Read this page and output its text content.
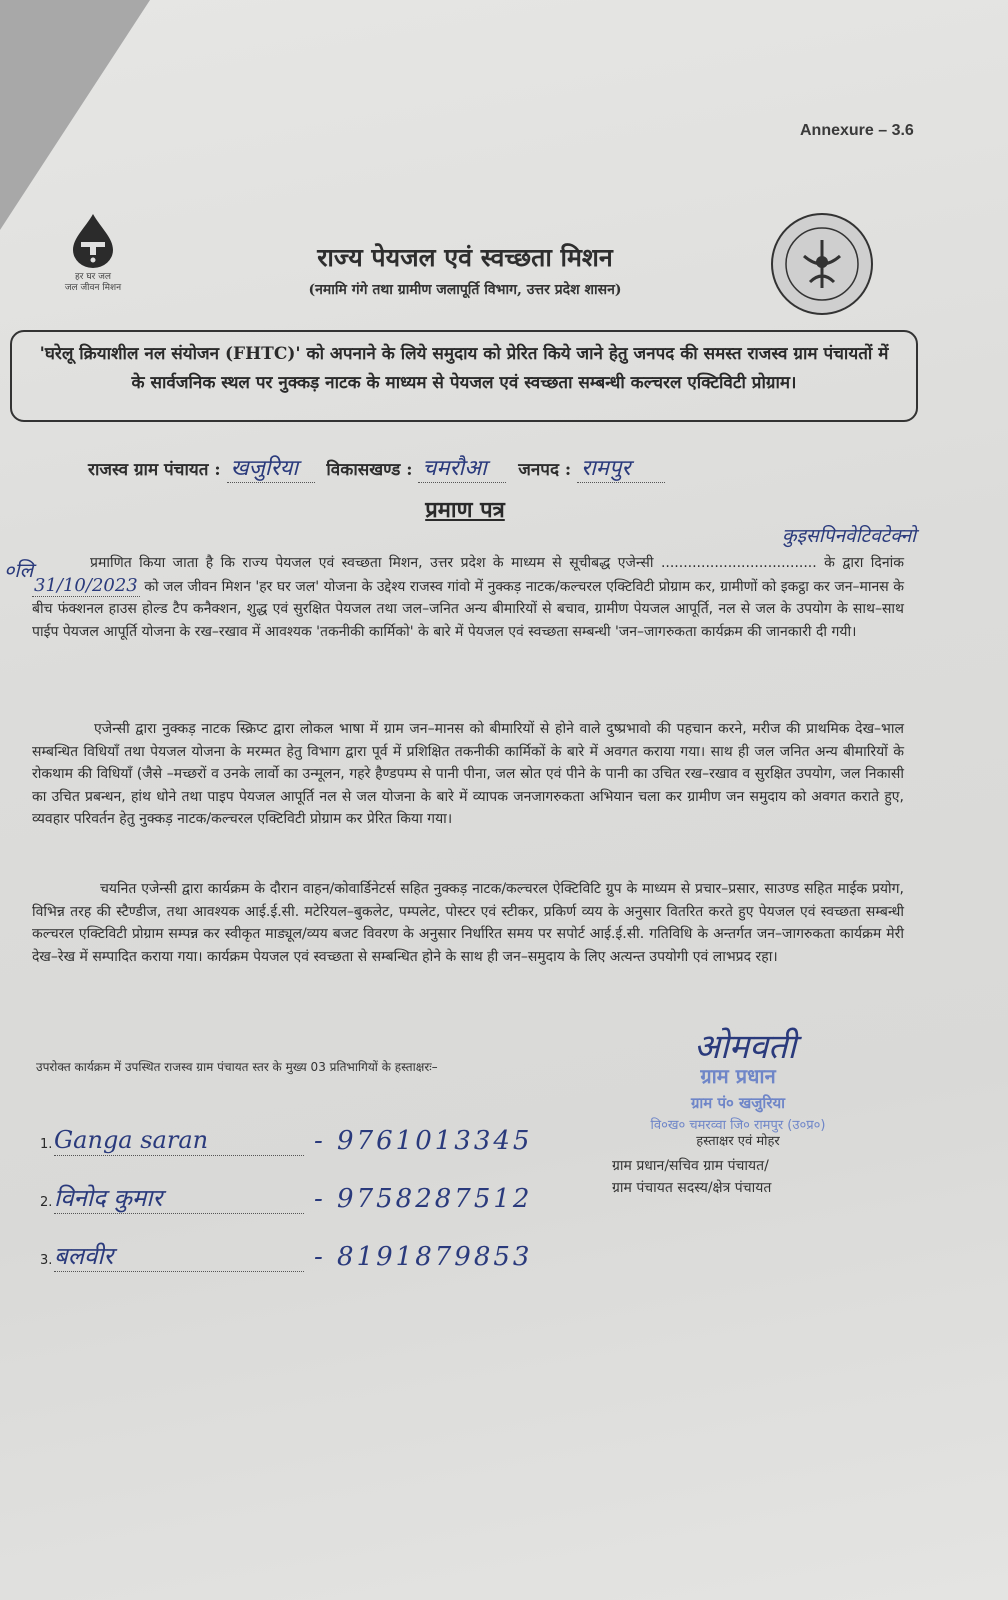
Annexure – 3.6
हर घर जल
जल जीवन मिशन
राज्य पेयजल एवं स्वच्छता मिशन
(नमामि गंगे तथा ग्रामीण जलापूर्ति विभाग, उत्तर प्रदेश शासन)
'घरेलू क्रियाशील नल संयोजन (FHTC)' को अपनाने के लिये समुदाय को प्रेरित किये जाने हेतु जनपद की समस्त राजस्व ग्राम पंचायतों में के सार्वजनिक स्थल पर नुक्कड़ नाटक के माध्यम से पेयजल एवं स्वच्छता सम्बन्धी कल्चरल एक्टिविटी प्रोग्राम।
राजस्व ग्राम पंचायत : खजुरिया विकासखण्ड : चमरौआ जनपद : रामपुर
प्रमाण पत्र
०लि
कुइसपिनवेटिवटेक्नो
प्रमाणित किया जाता है कि राज्य पेयजल एवं स्वच्छता मिशन, उत्तर प्रदेश के माध्यम से सूचीबद्ध एजेन्सी ................................... के द्वारा दिनांक 31/10/2023 को जल जीवन मिशन 'हर घर जल' योजना के उद्देश्य राजस्व गांवो में नुक्कड़ नाटक/कल्चरल एक्टिविटी प्रोग्राम कर, ग्रामीणों को इकट्ठा कर जन–मानस के बीच फंक्शनल हाउस होल्ड टैप कनैक्शन, शुद्ध एवं सुरक्षित पेयजल तथा जल–जनित अन्य बीमारियों से बचाव, ग्रामीण पेयजल आपूर्ति, नल से जल के उपयोग के साथ–साथ पाईप पेयजल आपूर्ति योजना के रख–रखाव में आवश्यक 'तकनीकी कार्मिको' के बारे में पेयजल एवं स्वच्छता सम्बन्धी 'जन–जागरुकता कार्यक्रम की जानकारी दी गयी।
एजेन्सी द्वारा नुक्कड़ नाटक स्क्रिप्ट द्वारा लोकल भाषा में ग्राम जन–मानस को बीमारियों से होने वाले दुष्प्रभावो की पहचान करने, मरीज की प्राथमिक देख–भाल सम्बन्धित विधियाँ तथा पेयजल योजना के मरम्मत हेतु विभाग द्वारा पूर्व में प्रशिक्षित तकनीकी कार्मिकों के बारे में अवगत कराया गया। साथ ही जल जनित अन्य बीमारियों के रोकथाम की विधियाँ (जैसे –मच्छरों व उनके लार्वो का उन्मूलन, गहरे हैण्डपम्प से पानी पीना, जल स्रोत एवं पीने के पानी का उचित रख–रखाव व सुरक्षित उपयोग, जल निकासी का उचित प्रबन्धन, हांथ धोने तथा पाइप पेयजल आपूर्ति नल से जल योजना के बारे में व्यापक जनजागरुकता अभियान चला कर ग्रामीण जन समुदाय को अवगत कराते हुए, व्यवहार परिवर्तन हेतु नुक्कड़ नाटक/कल्चरल एक्टिविटी प्रोग्राम कर प्रेरित किया गया।
चयनित एजेन्सी द्वारा कार्यक्रम के दौरान वाहन/कोवार्डिनेटर्स सहित नुक्कड़ नाटक/कल्चरल ऐक्टिविटि ग्रुप के माध्यम से प्रचार–प्रसार, साउण्ड सहित माईक प्रयोग, विभिन्न तरह की स्टैण्डीज, तथा आवश्यक आई.ई.सी. मटेरियल–बुकलेट, पम्पलेट, पोस्टर एवं स्टीकर, प्रकिर्ण व्यय के अनुसार वितरित करते हुए पेयजल एवं स्वच्छता सम्बन्धी कल्चरल एक्टिविटी प्रोग्राम सम्पन्न कर स्वीकृत माड्यूल/व्यय बजट विवरण के अनुसार निर्धारित समय पर सपोर्ट आई.ई.सी. गतिविधि के अन्तर्गत जन–जागरुकता कार्यक्रम मेरी देख–रेख में सम्पादित कराया गया। कार्यक्रम पेयजल एवं स्वच्छता से सम्बन्धित होने के साथ ही जन–समुदाय के लिए अत्यन्त उपयोगी एवं लाभप्रद रहा।
उपरोक्त कार्यक्रम में उपस्थित राजस्व ग्राम पंचायत स्तर के मुख्य 03 प्रतिभागियों के हस्ताक्षरः–
1. Ganga saran	- 9761013345
2. विनोद कुमार	- 9758287512
3. बलवीर	- 8191879853
ओमवती
ग्राम प्रधान
ग्राम पं० खजुरिया
वि०ख० चमरव्वा जि० रामपुर (उ०प्र०)
हस्ताक्षर एवं मोहर
ग्राम प्रधान/सचिव ग्राम पंचायत/
ग्राम पंचायत सदस्य/क्षेत्र पंचायत
